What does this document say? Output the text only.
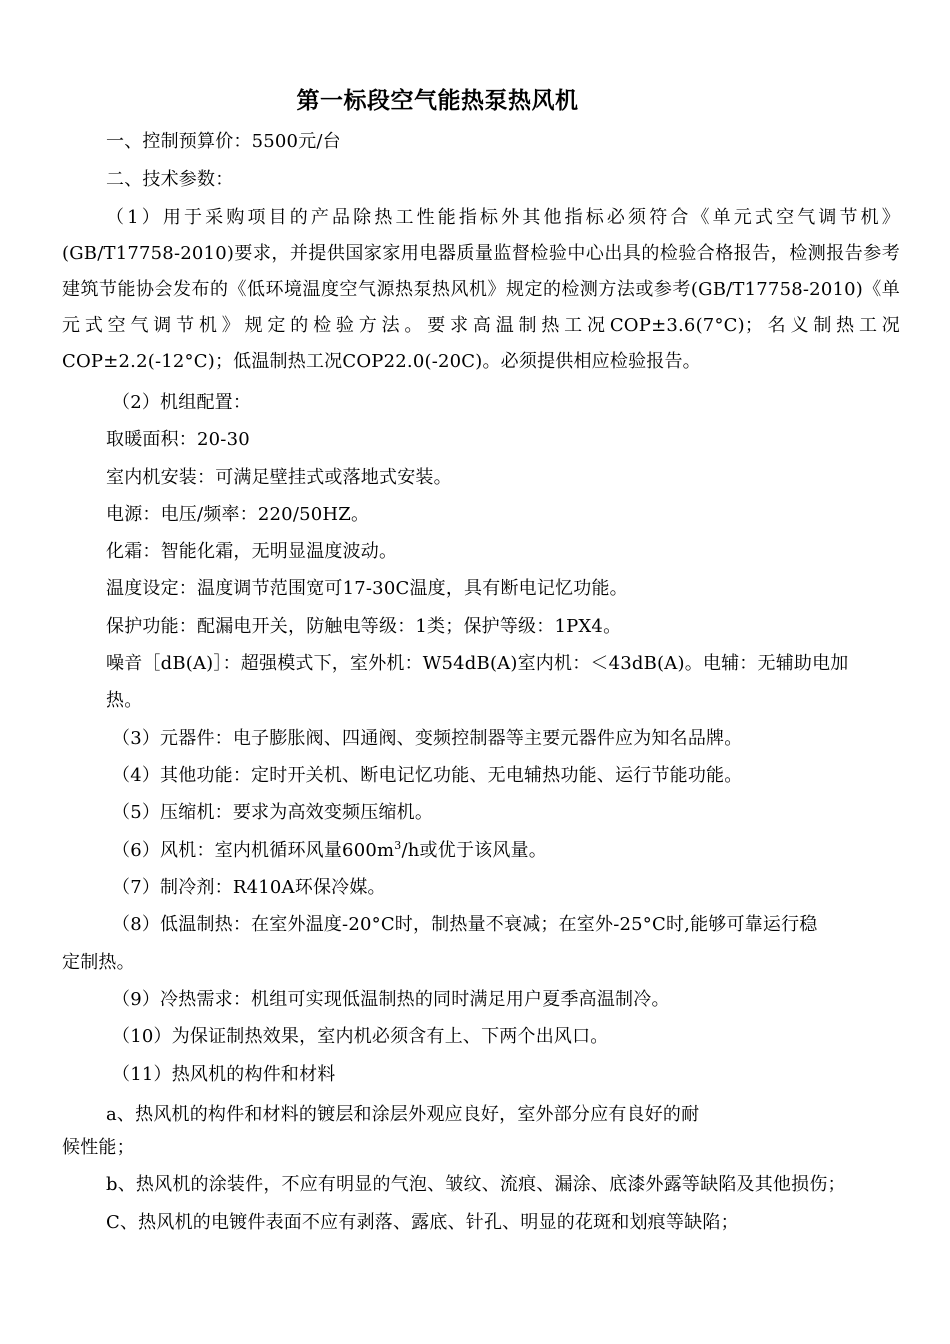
第一标段空气能热泵热风机
一、控制预算价：5500元/台
二、技术参数：
（1）用于采购项目的产品除热工性能指标外其他指标必须符合《单元式空气调节机》(GB/T17758-2010)要求，并提供国家家用电器质量监督检验中心出具的检验合格报告，检测报告参考建筑节能协会发布的《低环境温度空气源热泵热风机》规定的检测方法或参考(GB/T17758-2010)《单元式空气调节机》规定的检验方法。要求高温制热工况COP±3.6(7°C)；名义制热工况COP±2.2(-12°C)；低温制热工况COP22.0(-20C)。必须提供相应检验报告。
（2）机组配置：
取暖面积：20-30
室内机安装：可满足壁挂式或落地式安装。
电源：电压/频率：220/50HZ。
化霜：智能化霜，无明显温度波动。
温度设定：温度调节范围宽可17-30C温度，具有断电记忆功能。
保护功能：配漏电开关，防触电等级：1类；保护等级：1PX4。
噪音［dB(A)］：超强模式下，室外机：W54dB(A)室内机：＜43dB(A)。电辅：无辅助电加
热。
（3）元器件：电子膨胀阀、四通阀、变频控制器等主要元器件应为知名品牌。
（4）其他功能：定时开关机、断电记忆功能、无电辅热功能、运行节能功能。
（5）压缩机：要求为高效变频压缩机。
（6）风机：室内机循环风量$600m^3/h$或优于该风量。
（7）制冷剂：R410A环保冷媒。
（8）低温制热：在室外温度-20°C时，制热量不衰减；在室外-25°C时,能够可靠运行稳
定制热。
（9）冷热需求：机组可实现低温制热的同时满足用户夏季高温制冷。
（10）为保证制热效果，室内机必须含有上、下两个出风口。
（11）热风机的构件和材料
a、热风机的构件和材料的镀层和涂层外观应良好，室外部分应有良好的耐
候性能；
b、热风机的涂装件，不应有明显的气泡、皱纹、流痕、漏涂、底漆外露等缺陷及其他损伤；
C、热风机的电镀件表面不应有剥落、露底、针孔、明显的花斑和划痕等缺陷；
